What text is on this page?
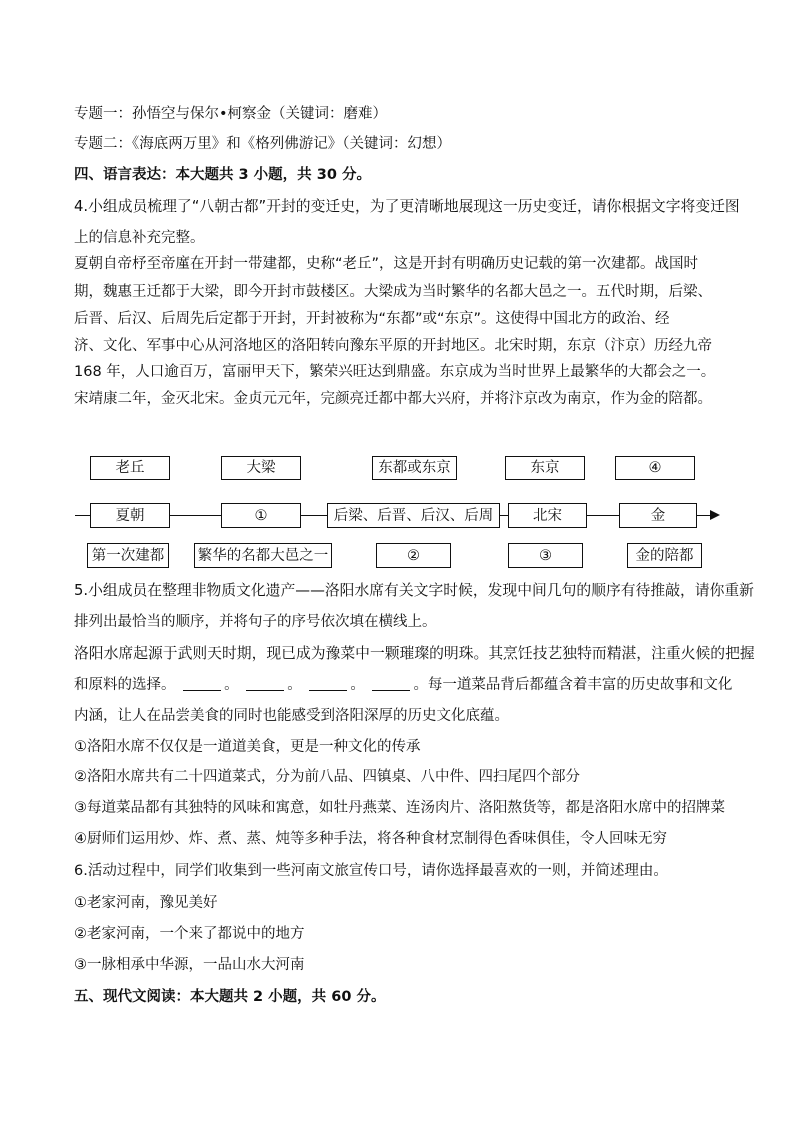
专题一：孙悟空与保尔•柯察金（关键词：磨难）
专题二：《海底两万里》和《格列佛游记》（关键词：幻想）
四、语言表达：本大题共 3 小题，共 30 分。
4.小组成员梳理了“八朝古都”开封的变迁史，为了更清晰地展现这一历史变迁，请你根据文字将变迁图
上的信息补充完整。
夏朝自帝杼至帝廑在开封一带建都，史称“老丘”，这是开封有明确历史记载的第一次建都。战国时
期，魏惠王迁都于大梁，即今开封市鼓楼区。大梁成为当时繁华的名都大邑之一。五代时期，后梁、
后晋、后汉、后周先后定都于开封，开封被称为“东都”或“东京”。这使得中国北方的政治、经
济、文化、军事中心从河洛地区的洛阳转向豫东平原的开封地区。北宋时期，东京（汴京）历经九帝
168 年，人口逾百万，富丽甲天下，繁荣兴旺达到鼎盛。东京成为当时世界上最繁华的大都会之一。
宋靖康二年，金灭北宋。金贞元元年，完颜亮迁都中都大兴府，并将汴京改为南京，作为金的陪都。
老丘	大梁	东都或东京	东京	④
夏朝	①	后梁、后晋、后汉、后周	北宋	金
第一次建都	繁华的名都大邑之一	②	③	金的陪都
5.小组成员在整理非物质文化遗产——洛阳水席有关文字时候，发现中间几句的顺序有待推敲，请你重新
排列出最恰当的顺序，并将句子的序号依次填在横线上。
洛阳水席起源于武则天时期，现已成为豫菜中一颗璀璨的明珠。其烹饪技艺独特而精湛，注重火候的把握
和原料的选择。	。	。	。	。每一道菜品背后都蕴含着丰富的历史故事和文化
内涵，让人在品尝美食的同时也能感受到洛阳深厚的历史文化底蕴。
①洛阳水席不仅仅是一道道美食，更是一种文化的传承
②洛阳水席共有二十四道菜式，分为前八品、四镇桌、八中件、四扫尾四个部分
③每道菜品都有其独特的风味和寓意，如牡丹燕菜、连汤肉片、洛阳熬货等，都是洛阳水席中的招牌菜
④厨师们运用炒、炸、煮、蒸、炖等多种手法，将各种食材烹制得色香味俱佳，令人回味无穷
6.活动过程中，同学们收集到一些河南文旅宣传口号，请你选择最喜欢的一则，并简述理由。
①老家河南，豫见美好
②老家河南，一个来了都说中的地方
③一脉相承中华源，一品山水大河南
五、现代文阅读：本大题共 2 小题，共 60 分。
